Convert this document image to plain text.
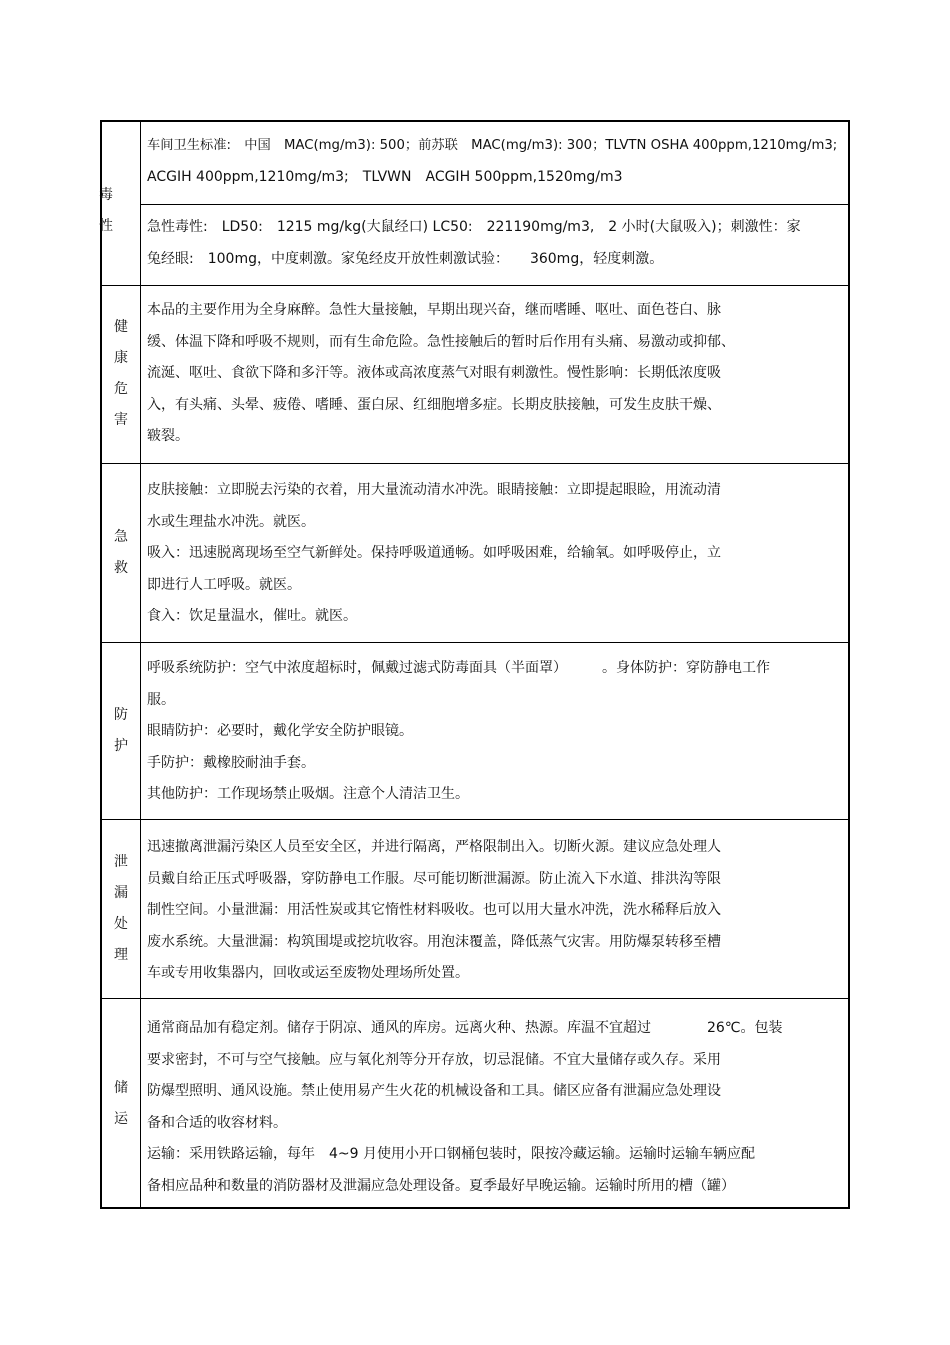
毒
性

车间卫生标准:　中国　MAC(mg/m3): 500；前苏联　MAC(mg/m3): 300；TLVTN OSHA 400ppm,1210mg/m3;

ACGIH 400ppm,1210mg/m3;　TLVWN　ACGIH 500ppm,1520mg/m3

急性毒性:　LD50:　1215 mg/kg(大鼠经口) LC50:　221190mg/m3,　2 小时(大鼠吸入)；刺激性：家

兔经眼:　100mg，中度刺激。家兔经皮开放性刺激试验：　　360mg，轻度刺激。

健
康
危
害

本品的主要作用为全身麻醉。急性大量接触，早期出现兴奋，继而嗜睡、呕吐、面色苍白、脉

缓、体温下降和呼吸不规则，而有生命危险。急性接触后的暂时后作用有头痛、易激动或抑郁、

流涎、呕吐、食欲下降和多汗等。液体或高浓度蒸气对眼有刺激性。慢性影响：长期低浓度吸

入，有头痛、头晕、疲倦、嗜睡、蛋白尿、红细胞增多症。长期皮肤接触，可发生皮肤干燥、

皲裂。

急
救

皮肤接触：立即脱去污染的衣着，用大量流动清水冲洗。眼睛接触：立即提起眼睑，用流动清

水或生理盐水冲洗。就医。

吸入：迅速脱离现场至空气新鲜处。保持呼吸道通畅。如呼吸困难，给输氧。如呼吸停止，立

即进行人工呼吸。就医。

食入：饮足量温水，催吐。就医。

防
护

呼吸系统防护：空气中浓度超标时，佩戴过滤式防毒面具（半面罩）　　　。身体防护：穿防静电工作

服。

眼睛防护：必要时，戴化学安全防护眼镜。

手防护：戴橡胶耐油手套。

其他防护：工作现场禁止吸烟。注意个人清洁卫生。

泄
漏
处
理

迅速撤离泄漏污染区人员至安全区，并进行隔离，严格限制出入。切断火源。建议应急处理人

员戴自给正压式呼吸器，穿防静电工作服。尽可能切断泄漏源。防止流入下水道、排洪沟等限

制性空间。小量泄漏：用活性炭或其它惰性材料吸收。也可以用大量水冲洗，洗水稀释后放入

废水系统。大量泄漏：构筑围堤或挖坑收容。用泡沫覆盖，降低蒸气灾害。用防爆泵转移至槽

车或专用收集器内，回收或运至废物处理场所处置。

储
运

通常商品加有稳定剂。储存于阴凉、通风的库房。远离火种、热源。库温不宜超过　　　　26℃。包装

要求密封，不可与空气接触。应与氧化剂等分开存放，切忌混储。不宜大量储存或久存。采用

防爆型照明、通风设施。禁止使用易产生火花的机械设备和工具。储区应备有泄漏应急处理设

备和合适的收容材料。

运输：采用铁路运输，每年　4~9 月使用小开口钢桶包装时，限按冷藏运输。运输时运输车辆应配

备相应品种和数量的消防器材及泄漏应急处理设备。夏季最好早晚运输。运输时所用的槽（罐）
